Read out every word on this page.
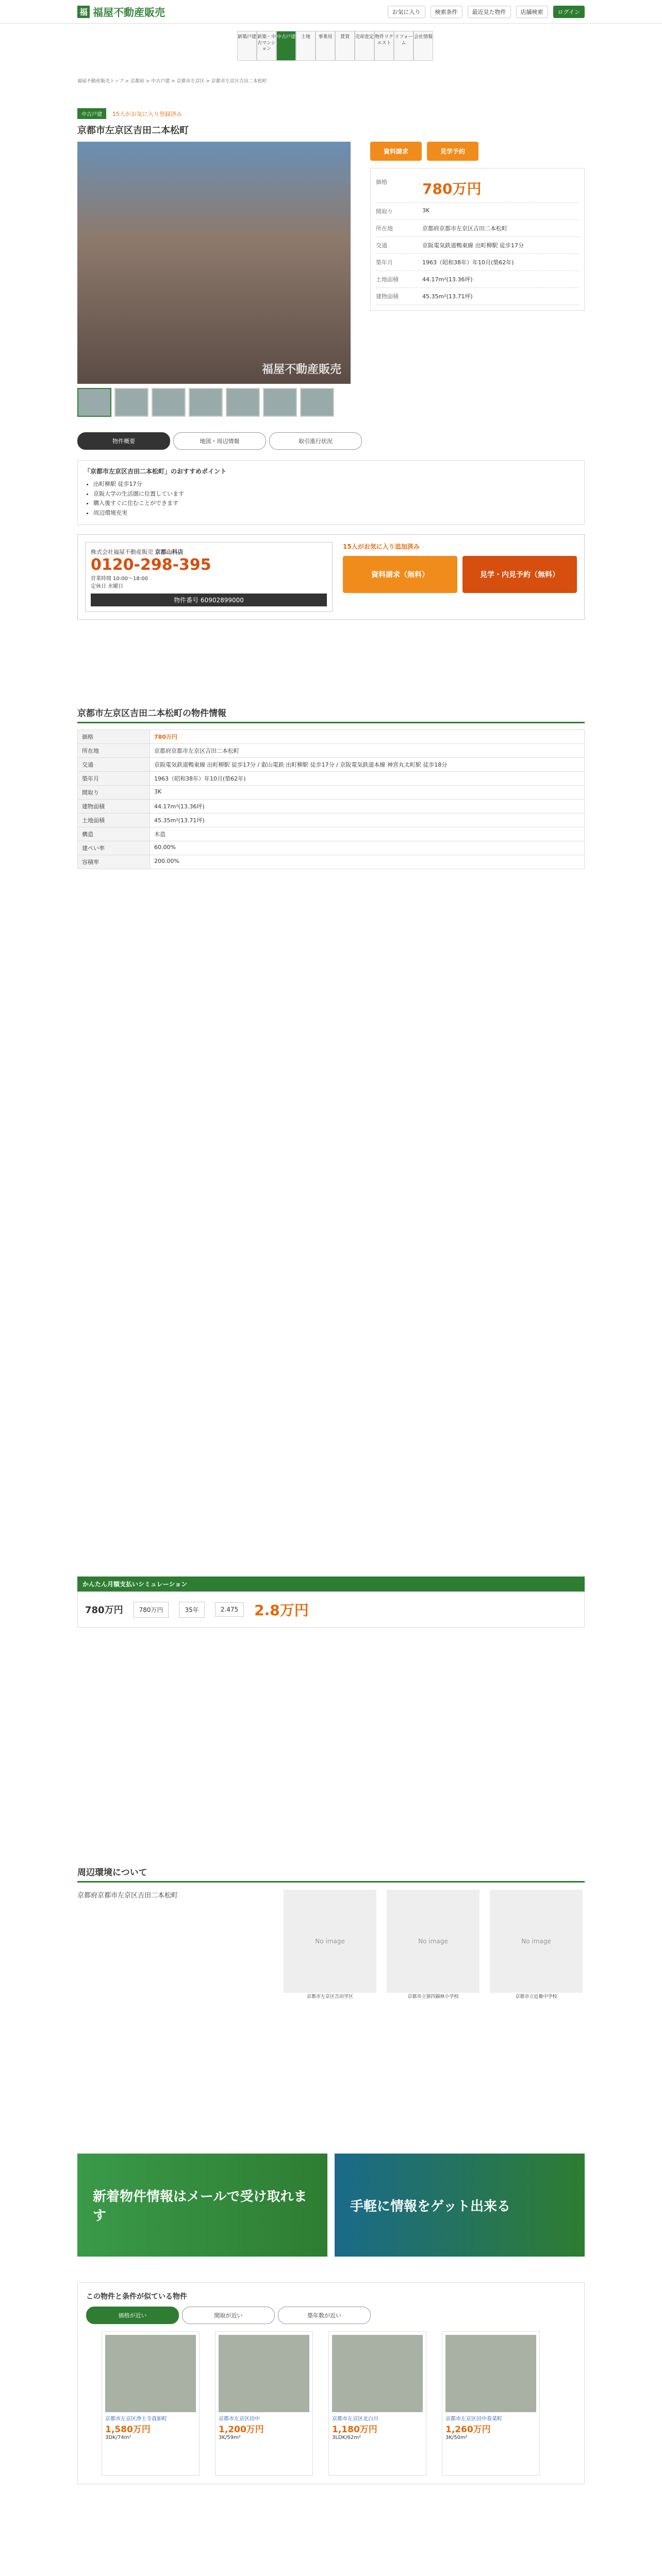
福 福屋不動産販売	お気に入り	検索条件	最近見た物件	店舗検索	ログイン
新築戸建 新築・中古マンション
中古戸建	土地	事業用	賃貸	売却査定 物件リクエスト
リフォーム
会社情報
福屋不動産販売トップ > 京都府 > 中古戸建 > 京都市左京区 > 京都市左京区吉田二本松町
中古戸建 15人がお気に入り登録済み
京都市左京区吉田二本松町
福屋不動産販売
資料請求	見学予約
価格	780万円
間取り	3K
所在地	京都府京都市左京区吉田二本松町
交通	京阪電気鉄道鴨東線 出町柳駅 徒歩17分
築年月	1963（昭和38年）年10月(築62年)
土地面積	44.17m²(13.36坪)
建物面積	45.35m²(13.71坪)
物件概要	地図・周辺情報	取引進行状況
「京都市左京区吉田二本松町」のおすすめポイント
• 出町柳駅 徒歩17分
• 京阪大学の生活圏に位置しています
• 購入後すぐに住むことができます
• 周辺環境充実
株式会社福屋不動産販売 京都山科店
0120-298-395
営業時間 10:00〜18:00
定休日 水曜日
物件番号 60902899000
15人がお気に入り追加済み
資料請求（無料）	見学・内見予約（無料）
京都市左京区吉田二本松町の物件情報
価格	780万円
所在地	京都府京都市左京区吉田二本松町
交通	京阪電気鉄道鴨東線 出町柳駅 徒歩17分 / 叡山電鉄 出町柳駅 徒歩17分 / 京阪電気鉄道本線 神宮丸太町駅 徒歩18分
築年月	1963（昭和38年）年10月(築62年)
間取り	3K
建物面積	44.17m²(13.36坪)
土地面積	45.35m²(13.71坪)
構造	木造
建ぺい率	60.00%
容積率	200.00%
かんたん月額支払いシミュレーション
780万円	780万円	35年	2.475	2.8万円
周辺環境について
京都府京都市左京区吉田二本松町
No image
京都市左京区吉田学区
No image
京都市立第四錦林小学校
No image
京都市立近衛中学校
新着物件情報はメールで受け取れます
手軽に情報をゲット出来る
この物件と条件が似ている物件
価格が近い	間取が近い	築年数が近い
京都市左京区浄土寺真如町
1,580万円
3DK/74m²
京都市左京区田中
1,200万円
3K/59m²
京都市左京区北白川
1,180万円
3LDK/62m²
京都市左京区田中春菜町
1,260万円
3K/50m²
